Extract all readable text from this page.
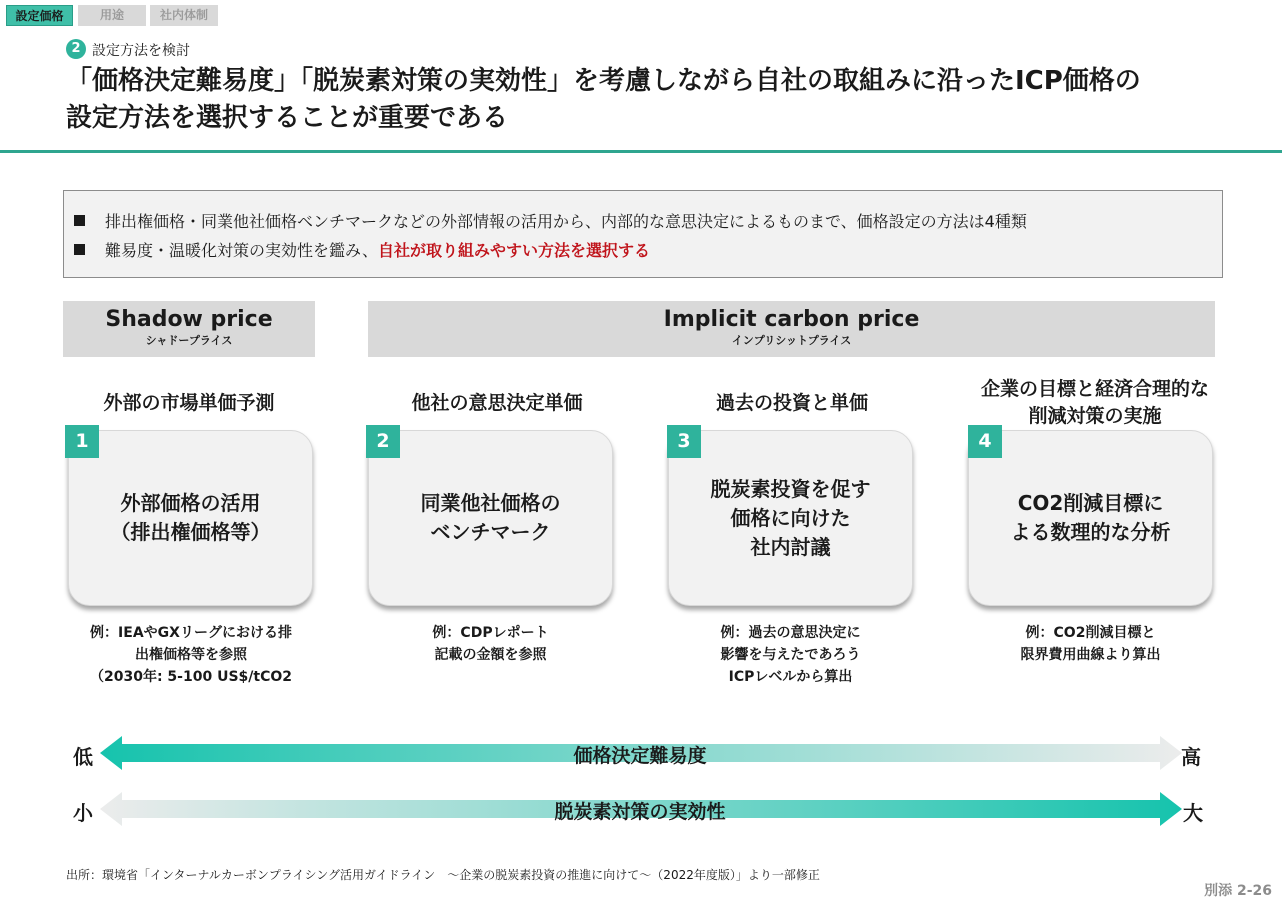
設定価格	用途	社内体制
2 設定方法を検討
「価格決定難易度」「脱炭素対策の実効性」を考慮しながら自社の取組みに沿ったICP価格の
設定方法を選択することが重要である
排出権価格・同業他社価格ベンチマークなどの外部情報の活用から、内部的な意思決定によるものまで、価格設定の方法は4種類
難易度・温暖化対策の実効性を鑑み、自社が取り組みやすい方法を選択する
Shadow price
シャドープライス
Implicit carbon price
インプリシットプライス
外部の市場単価予測
外部価格の活用
（排出権価格等）
1
例：IEAやGXリーグにおける排
出権価格等を参照
（2030年: 5-100 US$/tCO2
他社の意思決定単価
同業他社価格の
ベンチマーク
2
例：CDPレポート
記載の金額を参照
過去の投資と単価
脱炭素投資を促す
価格に向けた
社内討議
3
例：過去の意思決定に
影響を与えたであろう
ICPレベルから算出
企業の目標と経済合理的な
削減対策の実施
CO2削減目標に
よる数理的な分析
4
例：CO2削減目標と
限界費用曲線より算出
低	価格決定難易度	高
小	脱炭素対策の実効性	大
出所：環境省「インターナルカーボンプライシング活用ガイドライン　～企業の脱炭素投資の推進に向けて～（2022年度版）」より一部修正
別添 2-26
